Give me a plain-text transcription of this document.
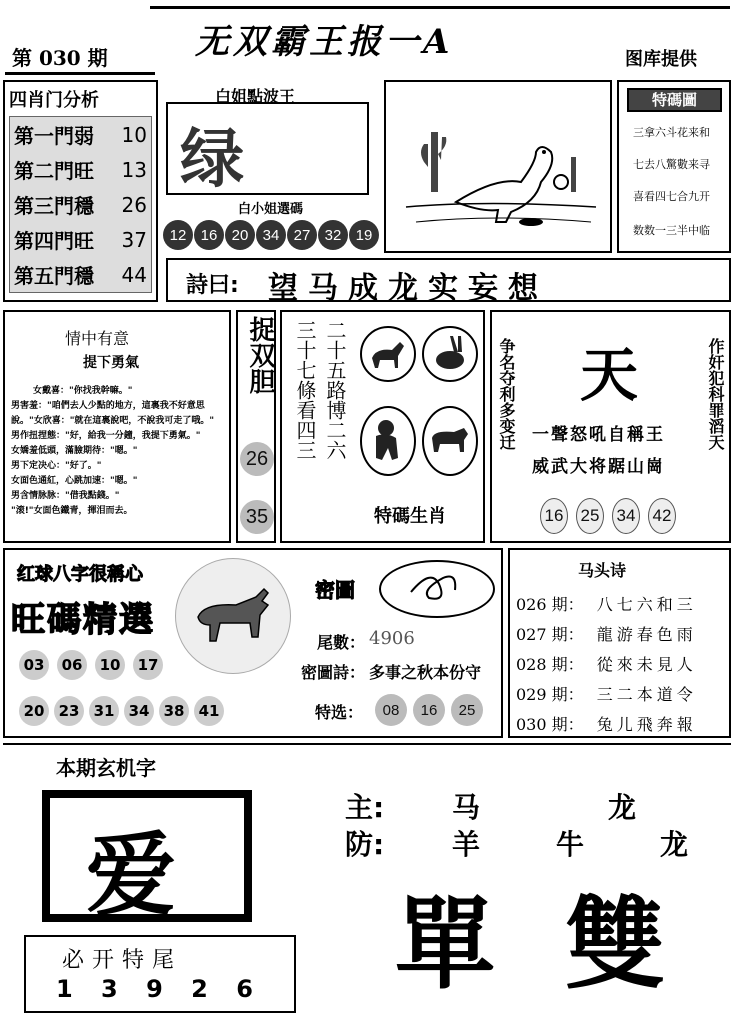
无双霸王报一A
第 030 期	图库提供
四肖门分析
第一門弱 10
第二門旺 13
第三門穩 26
第四門旺 37
第五門穩 44
白姐點波王
绿
白小姐選碼
12 16 20 34 27 32 19
特碼圖
三拿六斗花来和
七去八驚數来寻
喜看四七合九开
数数一三半中临
詩曰: 望马成龙实妄想
情中有意
提下勇氣
女戴喜："你找我幹嘛。"
男害羞："咱們去人少點的地方，這裏我不好意思說。"女欣喜："就在這裏說吧，不說我可走了哦。"
男作扭捏態："好，給我一分鐘，我提下勇氣。"
女嬌羞低頭，滿臉期待："嗯。"
男下定决心："好了。"
女面色通紅，心跳加速："嗯。"
男含情脉脉："借我點錢。"
"滚!"女面色鐵青，揮泪而去。
捉双胆
26
35
三十七條看四三 二十五路博二六
特碼生肖
争名夺利多变迁	作奸犯科罪滔天
天
一聲怒吼自稱王
威武大将踞山崗
16 25 34 42
红球八字很稱心
旺碼精選
03	06	10	17
20 23 31 34 38 41
密圖
尾數： 4906
密圖詩： 多事之秋本份守
特选：	08	16	25
马头诗
026 期： 八七六和三
027 期： 龍游春色雨
028 期： 從來未見人
029 期： 三二本道令
030 期： 兔儿飛奔報
本期玄机字
爱
必开特尾
1 3 9 2 6
主: 马　　龙
防: 羊　牛　龙
單 雙
